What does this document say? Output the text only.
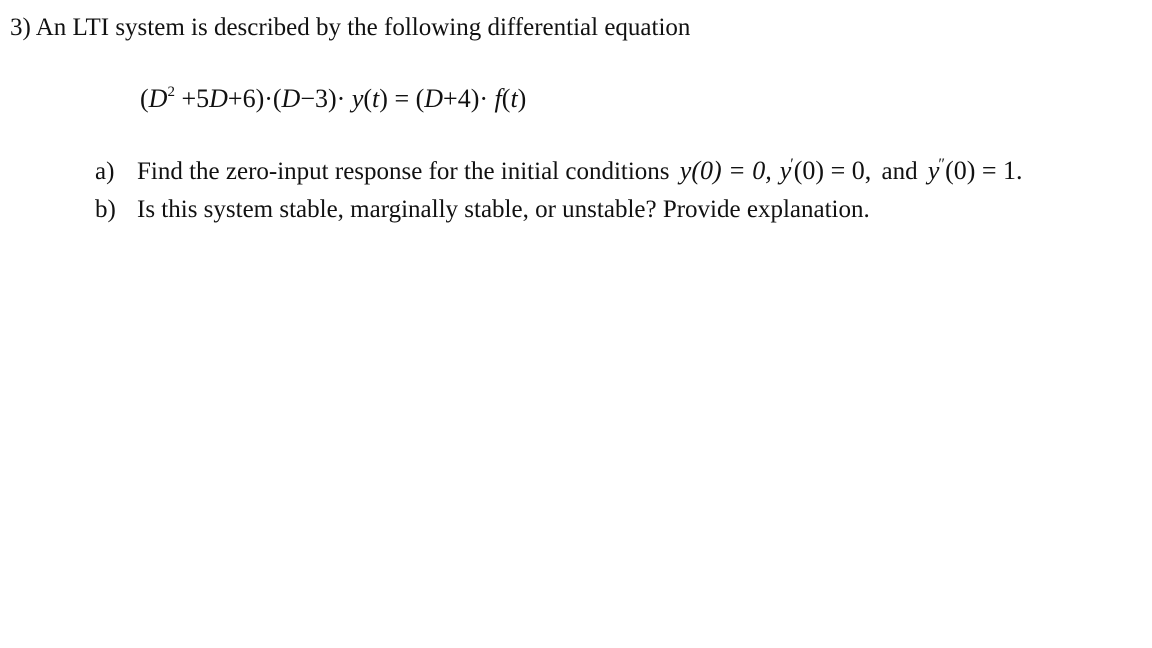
3) An LTI system is described by the following differential equation
$(D^2 +5D+6)\cdot(D-3)\cdot y(t) = (D+4)\cdot f(t)$
a) Find the zero-input response for the initial conditions y(0) = 0, y′(0) = 0, and y″(0) = 1.
b) Is this system stable, marginally stable, or unstable? Provide explanation.
